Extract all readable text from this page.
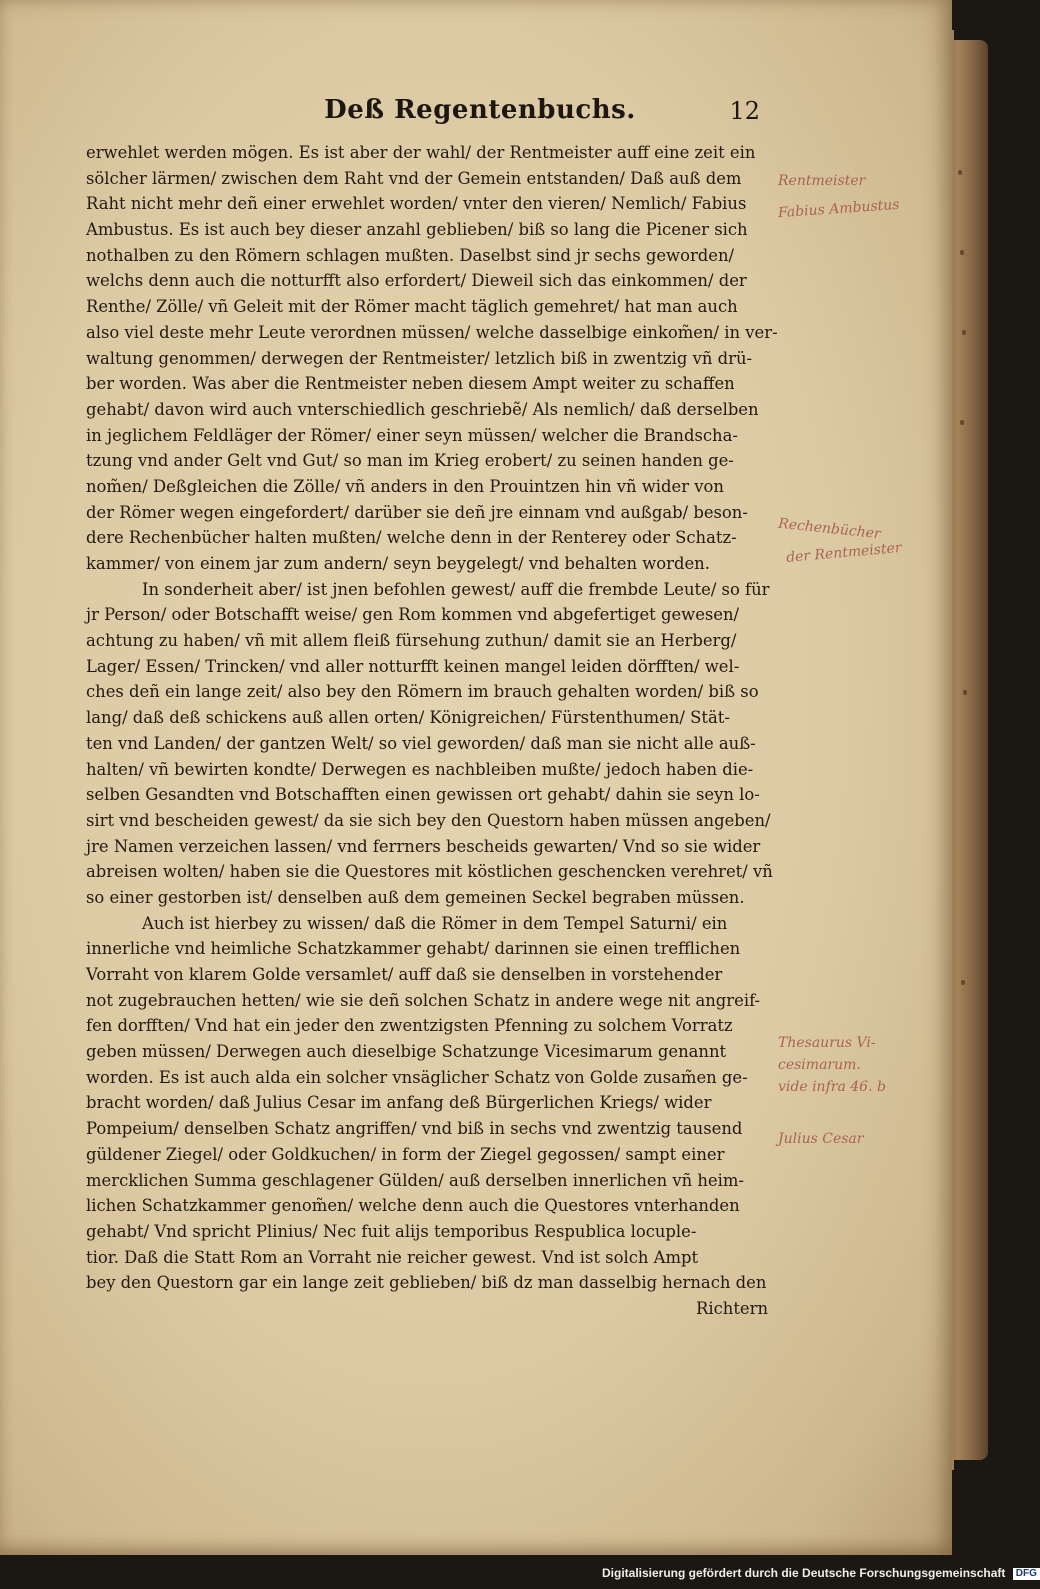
Deß Regentenbuchs.	12
erwehlet werden mögen. Es ist aber der wahl/ der Rentmeister auff eine zeit ein
sölcher lärmen/ zwischen dem Raht vnd der Gemein entstanden/ Daß auß dem
Raht nicht mehr deñ einer erwehlet worden/ vnter den vieren/ Nemlich/ Fabius
Ambustus. Es ist auch bey dieser anzahl geblieben/ biß so lang die Picener sich
nothalben zu den Römern schlagen mußten. Daselbst sind jr sechs geworden/
welchs denn auch die notturfft also erfordert/ Dieweil sich das einkommen/ der
Renthe/ Zölle/ vñ Geleit mit der Römer macht täglich gemehret/ hat man auch
also viel deste mehr Leute verordnen müssen/ welche dasselbige einkom̃en/ in ver-
waltung genommen/ derwegen der Rentmeister/ letzlich biß in zwentzig vñ drü-
ber worden. Was aber die Rentmeister neben diesem Ampt weiter zu schaffen
gehabt/ davon wird auch vnterschiedlich geschriebẽ/ Als nemlich/ daß derselben
in jeglichem Feldläger der Römer/ einer seyn müssen/ welcher die Brandscha-
tzung vnd ander Gelt vnd Gut/ so man im Krieg erobert/ zu seinen handen ge-
nom̃en/ Deßgleichen die Zölle/ vñ anders in den Prouintzen hin vñ wider von
der Römer wegen eingefordert/ darüber sie deñ jre einnam vnd außgab/ beson-
dere Rechenbücher halten mußten/ welche denn in der Renterey oder Schatz-
kammer/ von einem jar zum andern/ seyn beygelegt/ vnd behalten worden.
In sonderheit aber/ ist jnen befohlen gewest/ auff die frembde Leute/ so für
jr Person/ oder Botschafft weise/ gen Rom kommen vnd abgefertiget gewesen/
achtung zu haben/ vñ mit allem fleiß fürsehung zuthun/ damit sie an Herberg/
Lager/ Essen/ Trincken/ vnd aller notturfft keinen mangel leiden dörfften/ wel-
ches deñ ein lange zeit/ also bey den Römern im brauch gehalten worden/ biß so
lang/ daß deß schickens auß allen orten/ Königreichen/ Fürstenthumen/ Stät-
ten vnd Landen/ der gantzen Welt/ so viel geworden/ daß man sie nicht alle auß-
halten/ vñ bewirten kondte/ Derwegen es nachbleiben mußte/ jedoch haben die-
selben Gesandten vnd Botschafften einen gewissen ort gehabt/ dahin sie seyn lo-
sirt vnd bescheiden gewest/ da sie sich bey den Questorn haben müssen angeben/
jre Namen verzeichen lassen/ vnd ferrners bescheids gewarten/ Vnd so sie wider
abreisen wolten/ haben sie die Questores mit köstlichen geschencken verehret/ vñ
so einer gestorben ist/ denselben auß dem gemeinen Seckel begraben müssen.
Auch ist hierbey zu wissen/ daß die Römer in dem Tempel Saturni/ ein
innerliche vnd heimliche Schatzkammer gehabt/ darinnen sie einen trefflichen
Vorraht von klarem Golde versamlet/ auff daß sie denselben in vorstehender
not zugebrauchen hetten/ wie sie deñ solchen Schatz in andere wege nit angreif-
fen dorfften/ Vnd hat ein jeder den zwentzigsten Pfenning zu solchem Vorratz
geben müssen/ Derwegen auch dieselbige Schatzunge Vicesimarum genannt
worden. Es ist auch alda ein solcher vnsäglicher Schatz von Golde zusam̃en ge-
bracht worden/ daß Julius Cesar im anfang deß Bürgerlichen Kriegs/ wider
Pompeium/ denselben Schatz angriffen/ vnd biß in sechs vnd zwentzig tausend
güldener Ziegel/ oder Goldkuchen/ in form der Ziegel gegossen/ sampt einer
mercklichen Summa geschlagener Gülden/ auß derselben innerlichen vñ heim-
lichen Schatzkammer genom̃en/ welche denn auch die Questores vnterhanden
gehabt/ Vnd spricht Plinius/ Nec fuit alijs temporibus Respublica locuple-
tior. Daß die Statt Rom an Vorraht nie reicher gewest. Vnd ist solch Ampt
bey den Questorn gar ein lange zeit geblieben/ biß dz man dasselbig hernach den
Richtern
Rentmeister
Fabius Ambustus
Rechenbücher
der Rentmeister
Thesaurus Vi-
cesimarum.
vide infra 46. b
Julius Cesar
Digitalisierung gefördert durch die Deutsche Forschungsgemeinschaft DFG
